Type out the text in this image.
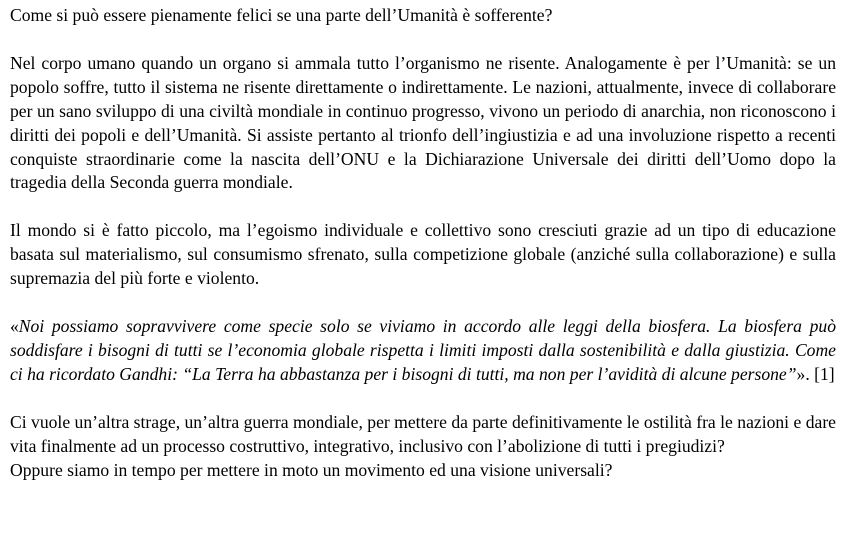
Come si può essere pienamente felici se una parte dell’Umanità è sofferente?

Nel corpo umano quando un organo si ammala tutto l’organismo ne risente. Analogamente è per l’Umanità: se un popolo soffre, tutto il sistema ne risente direttamente o indirettamente. Le nazioni, attualmente, invece di collaborare per un sano sviluppo di una civiltà mondiale in continuo progresso, vivono un periodo di anarchia, non riconoscono i diritti dei popoli e dell’Umanità. Si assiste pertanto al trionfo dell’ingiustizia e ad una involuzione rispetto a recenti conquiste straordinarie come la nascita dell’ONU e la Dichiarazione Universale dei diritti dell’Uomo dopo la tragedia della Seconda guerra mondiale.

Il mondo si è fatto piccolo, ma l’egoismo individuale e collettivo sono cresciuti grazie ad un tipo di educazione basata sul materialismo, sul consumismo sfrenato, sulla competizione globale (anziché sulla collaborazione) e sulla supremazia del più forte e violento.

«Noi possiamo sopravvivere come specie solo se viviamo in accordo alle leggi della biosfera. La biosfera può soddisfare i bisogni di tutti se l’economia globale rispetta i limiti imposti dalla sostenibilità e dalla giustizia. Come ci ha ricordato Gandhi: “La Terra ha abbastanza per i bisogni di tutti, ma non per l’avidità di alcune persone”». [1]

Ci vuole un’altra strage, un’altra guerra mondiale, per mettere da parte definitivamente le ostilità fra le nazioni e dare vita finalmente ad un processo costruttivo, integrativo, inclusivo con l’abolizione di tutti i pregiudizi?

Oppure siamo in tempo per mettere in moto un movimento ed una visione universali?
